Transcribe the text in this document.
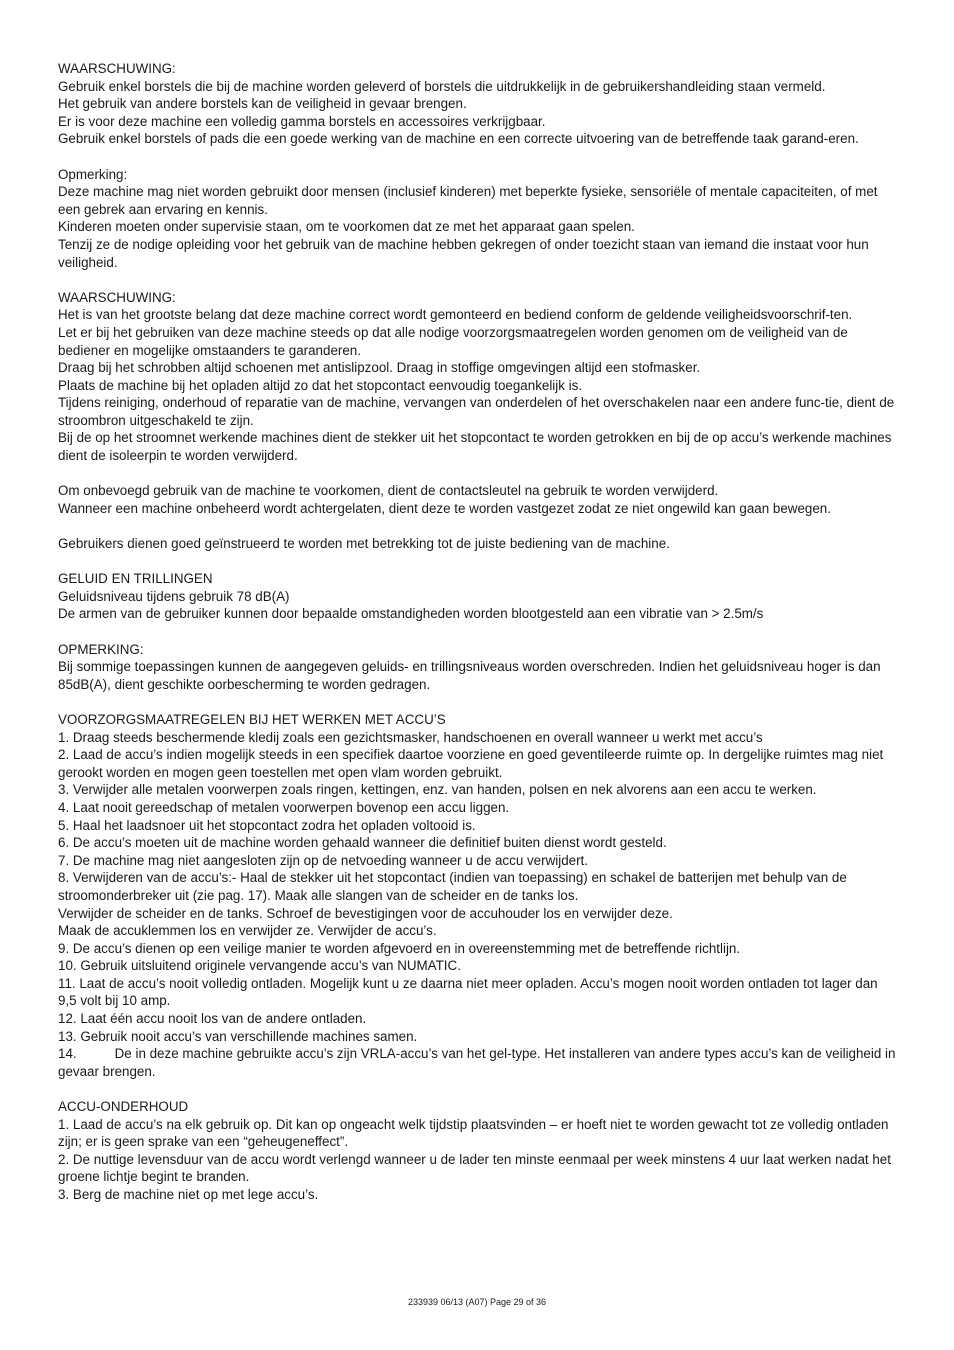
WAARSCHUWING:

Gebruik enkel borstels die bij de machine worden geleverd of borstels die uitdrukkelijk in de gebruikershandleiding staan vermeld.

Het gebruik van andere borstels kan de veiligheid in gevaar brengen.

Er is voor deze machine een volledig gamma borstels en accessoires verkrijgbaar.

Gebruik enkel borstels of pads die een goede werking van de machine en een correcte uitvoering van de betreffende taak garand-eren.

Opmerking:

Deze machine mag niet worden gebruikt door mensen (inclusief kinderen) met beperkte fysieke, sensoriële of mentale capaciteiten, of met een gebrek aan ervaring en kennis.

Kinderen moeten onder supervisie staan, om te voorkomen dat ze met het apparaat gaan spelen.

Tenzij ze de nodige opleiding voor het gebruik van de machine hebben gekregen of onder toezicht staan van iemand die instaat voor hun veiligheid.

WAARSCHUWING:

Het is van het grootste belang dat deze machine correct wordt gemonteerd en bediend conform de geldende veiligheidsvoorschrif-ten.

Let er bij het gebruiken van deze machine steeds op dat alle nodige voorzorgsmaatregelen worden genomen om de veiligheid van de bediener en mogelijke omstaanders te garanderen.

Draag bij het schrobben altijd schoenen met antislipzool. Draag in stoffige omgevingen altijd een stofmasker.

Plaats de machine bij het opladen altijd zo dat het stopcontact eenvoudig toegankelijk is.

Tijdens reiniging, onderhoud of reparatie van de machine, vervangen van onderdelen of het overschakelen naar een andere func-tie, dient de stroombron uitgeschakeld te zijn.

Bij de op het stroomnet werkende machines dient de stekker uit het stopcontact te worden getrokken en bij de op accu’s werkende machines dient de isoleerpin te worden verwijderd.

Om onbevoegd gebruik van de machine te voorkomen, dient de contactsleutel na gebruik te worden verwijderd.

Wanneer een machine onbeheerd wordt achtergelaten, dient deze te worden vastgezet zodat ze niet ongewild kan gaan bewegen.

Gebruikers dienen goed geïnstrueerd te worden met betrekking tot de juiste bediening van de machine.

GELUID EN TRILLINGEN

Geluidsniveau tijdens gebruik 78 dB(A)

De armen van de gebruiker kunnen door bepaalde omstandigheden worden blootgesteld aan een vibratie van > 2.5m/s

OPMERKING:

Bij sommige toepassingen kunnen de aangegeven geluids- en trillingsniveaus worden overschreden. Indien het geluidsniveau hoger is dan 85dB(A), dient geschikte oorbescherming te worden gedragen.

VOORZORGSMAATREGELEN BIJ HET WERKEN MET ACCU’S

1. Draag steeds beschermende kledij zoals een gezichtsmasker, handschoenen en overall wanneer u werkt met accu’s

2. Laad de accu’s indien mogelijk steeds in een specifiek daartoe voorziene en goed geventileerde ruimte op. In dergelijke ruimtes mag niet gerookt worden en mogen geen toestellen met open vlam worden gebruikt.

3. Verwijder alle metalen voorwerpen zoals ringen, kettingen, enz. van handen, polsen en nek alvorens aan een accu te werken.

4. Laat nooit gereedschap of metalen voorwerpen bovenop een accu liggen.

5. Haal het laadsnoer uit het stopcontact zodra het opladen voltooid is.

6. De accu’s moeten uit de machine worden gehaald wanneer die definitief buiten dienst wordt gesteld.

7. De machine mag niet aangesloten zijn op de netvoeding wanneer u de accu verwijdert.

8. Verwijderen van de accu’s:- Haal de stekker uit het stopcontact (indien van toepassing) en schakel de batterijen met behulp van de stroomonderbreker uit (zie pag. 17). Maak alle slangen van de scheider en de tanks los.

Verwijder de scheider en de tanks. Schroef de bevestigingen voor de accuhouder los en verwijder deze.

Maak de accuklemmen los en verwijder ze. Verwijder de accu’s.

9. De accu’s dienen op een veilige manier te worden afgevoerd en in overeenstemming met de betreffende richtlijn.

10. Gebruik uitsluitend originele vervangende accu’s van NUMATIC.

11. Laat de accu’s nooit volledig ontladen. Mogelijk kunt u ze daarna niet meer opladen. Accu’s mogen nooit worden ontladen tot lager dan 9,5 volt bij 10 amp.

12. Laat één accu nooit los van de andere ontladen.

13. Gebruik nooit accu’s van verschillende machines samen.

14.	De in deze machine gebruikte accu’s zijn VRLA-accu’s van het gel-type. Het installeren van andere types accu’s kan de veiligheid in gevaar brengen.

ACCU-ONDERHOUD

1. Laad de accu’s na elk gebruik op. Dit kan op ongeacht welk tijdstip plaatsvinden – er hoeft niet te worden gewacht tot ze volledig ontladen zijn; er is geen sprake van een “geheugeneffect”.

2. De nuttige levensduur van de accu wordt verlengd wanneer u de lader ten minste eenmaal per week minstens 4 uur laat werken nadat het groene lichtje begint te branden.

3. Berg de machine niet op met lege accu’s.

233939 06/13 (A07) Page 29 of 36
